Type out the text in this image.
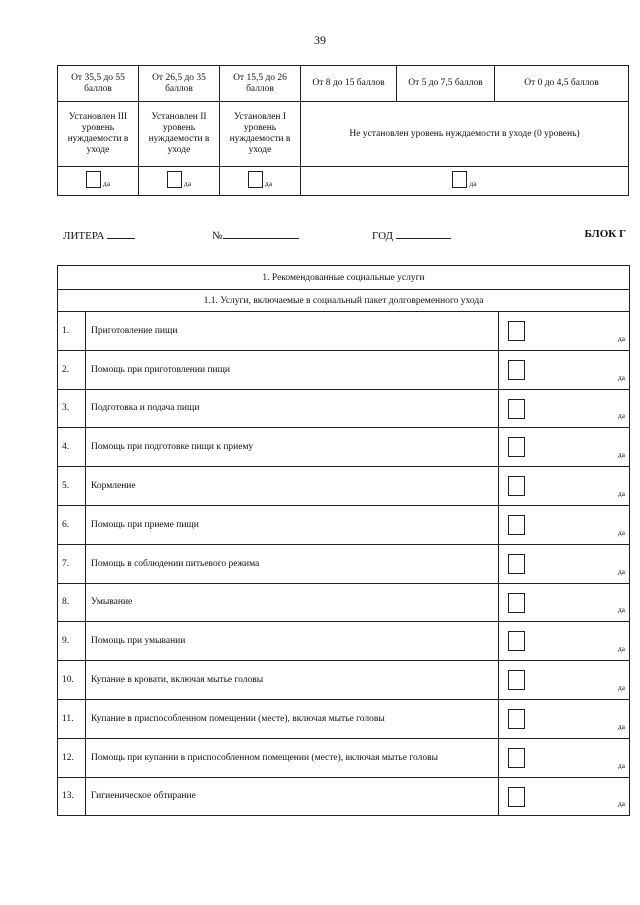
39
От 35,5 до 55 баллов	От 26,5 до 35 баллов	От 15,5 до 26 баллов	От 8 до 15 баллов	От 5 до 7,5 баллов	От 0 до 4,5 баллов
Установлен III уровень нуждаемости в уходе	Установлен II уровень нуждаемости в уходе	Установлен I уровень нуждаемости в уходе	Не установлен уровень нуждаемости в уходе (0 уровень)		

да	да	да	да		
ЛИТЕРА	№	ГОД	БЛОК Г
1. Рекомендованные социальные услуги		
1.1. Услуги, включаемые в социальный пакет долговременного ухода		
1.	Приготовление пищи	да

2.	Помощь при приготовлении пищи	да

3.	Подготовка и подача пищи	да

4.	Помощь при подготовке пищи к приему	да

5.	Кормление	да

6.	Помощь при приеме пищи	да

7.	Помощь в соблюдении питьевого режима	да

8.	Умывание	да

9.	Помощь при умывании	да

10.	Купание в кровати, включая мытье головы	да

11.	Купание в приспособленном помещении (месте), включая мытье головы	да

12.	Помощь при купании в приспособленном помещении (месте), включая мытье головы	да

13.	Гигиеническое обтирание	да
